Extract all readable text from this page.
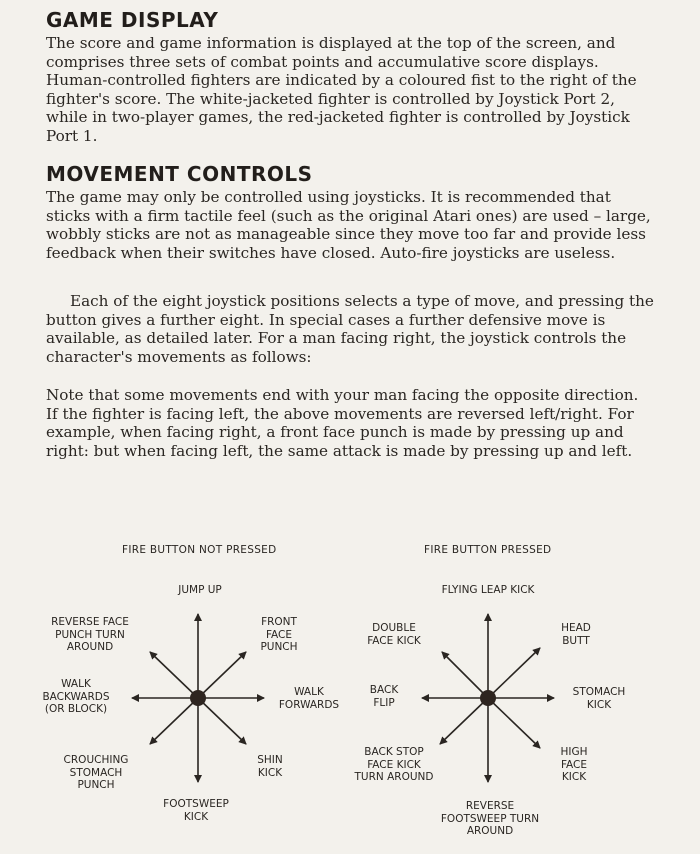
GAME DISPLAY

The score and game information is displayed at the top of the screen, and comprises three sets of combat points and accumulative score displays. Human-controlled fighters are indicated by a coloured fist to the right of the fighter's score. The white-jacketed fighter is controlled by Joystick Port 2, while in two-player games, the red-jacketed fighter is controlled by Joystick Port 1.

MOVEMENT CONTROLS

The game may only be controlled using joysticks. It is recommended that sticks with a firm tactile feel (such as the original Atari ones) are used – large, wobbly sticks are not as manageable since they move too far and provide less feedback when their switches have closed. Auto-fire joysticks are useless.

Each of the eight joystick positions selects a type of move, and pressing the button gives a further eight. In special cases a further defensive move is available, as detailed later. For a man facing right, the joystick controls the character's movements as follows:

Note that some movements end with your man facing the opposite direction. If the fighter is facing left, the above movements are reversed left/right. For example, when facing right, a front face punch is made by pressing up and right: but when facing left, the same attack is made by pressing up and left.

FIRE BUTTON NOT PRESSED
JUMP UP
FRONT
FACE
PUNCH
WALK
FORWARDS
SHIN
KICK
FOOTSWEEP
KICK
CROUCHING
STOMACH
PUNCH
WALK
BACKWARDS
(OR BLOCK)
REVERSE FACE
PUNCH TURN
AROUND
FIRE BUTTON PRESSED
FLYING LEAP KICK
HEAD
BUTT
STOMACH
KICK
HIGH
FACE
KICK
REVERSE
FOOTSWEEP TURN
AROUND
BACK STOP
FACE KICK
TURN AROUND
BACK
FLIP
DOUBLE
FACE KICK
